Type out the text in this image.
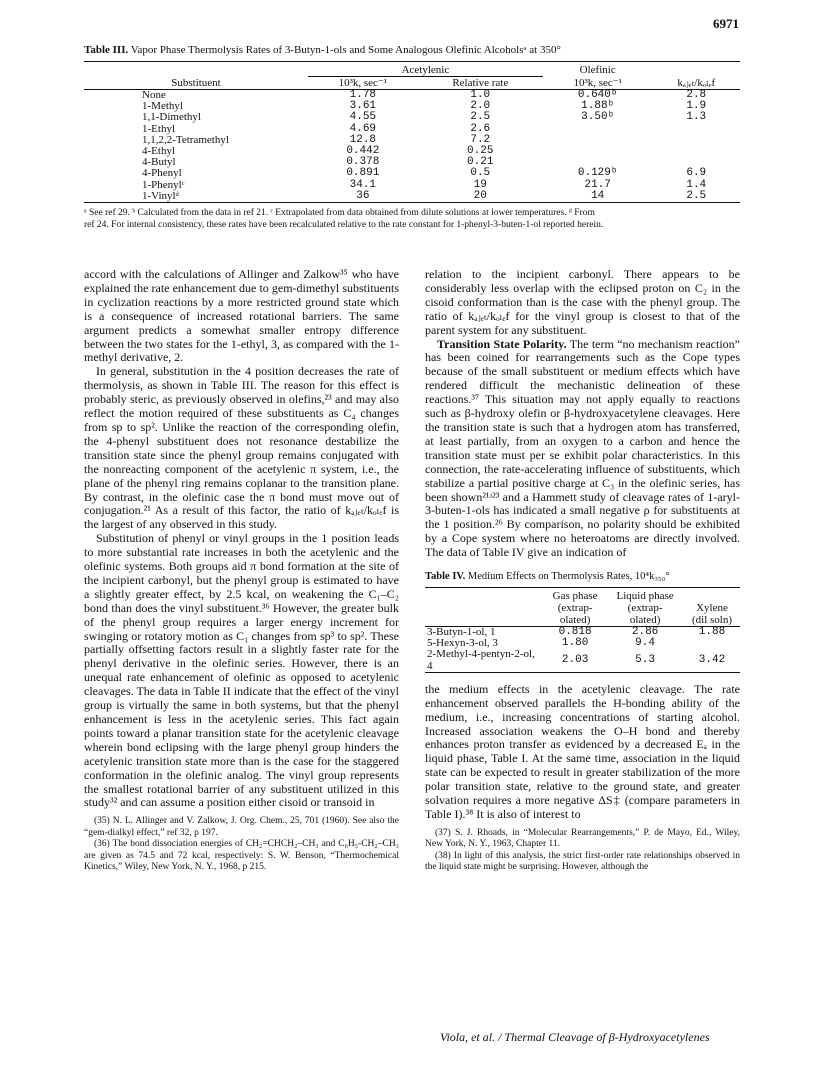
6971
Table III. Vapor Phase Thermolysis Rates of 3-Butyn-1-ols and Some Analogous Olefinic Alcoholsᵃ at 350°
	Acetylenic		Olefinic	
Substituent	10³k, sec⁻¹	Relative rate	10³k, sec⁻¹	kₐⱼₑₜ/kₒₗₑf
None	1.78	1.0	0.640ᵇ	2.8
1-Methyl	3.61	2.0	1.88ᵇ	1.9
1,1-Dimethyl	4.55	2.5	3.50ᵇ	1.3
1-Ethyl	4.69	2.6		
1,1,2,2-Tetramethyl	12.8	7.2		
4-Ethyl	0.442	0.25		
4-Butyl	0.378	0.21		
4-Phenyl	0.891	0.5	0.129ᵇ	6.9
1-Phenylᶜ	34.1	19	21.7	1.4
1-Vinylᵈ	36	20	14	2.5
ᵃ See ref 29. ᵇ Calculated from the data in ref 21. ᶜ Extrapolated from data obtained from dilute solutions at lower temperatures. ᵈ From
ref 24. For internal consistency, these rates have been recalculated relative to the rate constant for 1-phenyl-3-buten-1-ol reported herein.

accord with the calculations of Allinger and Zalkow³⁵ who have explained the rate enhancement due to gem-dimethyl substituents in cyclization reactions by a more restricted ground state which is a consequence of increased rotational barriers. The same argument predicts a somewhat smaller entropy difference between the two states for the 1-ethyl, 3, as compared with the 1-methyl derivative, 2.

In general, substitution in the 4 position decreases the rate of thermolysis, as shown in Table III. The reason for this effect is probably steric, as previously observed in olefins,²³ and may also reflect the motion required of these substituents as C₄ changes from sp to sp². Unlike the reaction of the corresponding olefin, the 4-phenyl substituent does not resonance destabilize the transition state since the phenyl group remains conjugated with the nonreacting component of the acetylenic π system, i.e., the plane of the phenyl ring remains coplanar to the transition plane. By contrast, in the olefinic case the π bond must move out of conjugation.²¹ As a result of this factor, the ratio of kₐⱼₑₜ/kₒₗₑf is the largest of any observed in this study.

Substitution of phenyl or vinyl groups in the 1 position leads to more substantial rate increases in both the acetylenic and the olefinic systems. Both groups aid π bond formation at the site of the incipient carbonyl, but the phenyl group is estimated to have a slightly greater effect, by 2.5 kcal, on weakening the C₁–C₂ bond than does the vinyl substituent.³⁶ However, the greater bulk of the phenyl group requires a larger energy increment for swinging or rotatory motion as C₁ changes from sp³ to sp². These partially offsetting factors result in a slightly faster rate for the phenyl derivative in the olefinic series. However, there is an unequal rate enhancement of olefinic as opposed to acetylenic cleavages. The data in Table II indicate that the effect of the vinyl group is virtually the same in both systems, but that the phenyl enhancement is less in the acetylenic series. This fact again points toward a planar transition state for the acetylenic cleavage wherein bond eclipsing with the large phenyl group hinders the acetylenic transition state more than is the case for the staggered conformation in the olefinic analog. The vinyl group represents the smallest rotational barrier of any substituent utilized in this study³² and can assume a position either cisoid or transoid in

(35) N. L. Allinger and V. Zalkow, J. Org. Chem., 25, 701 (1960). See also the “gem-dialkyl effect,” ref 32, p 197.

(36) The bond dissociation energies of CH₂=CHCH₂–CH₃ and C₆H₅-CH₂–CH₃ are given as 74.5 and 72 kcal, respectively: S. W. Benson, “Thermochemical Kinetics,” Wiley, New York, N. Y., 1968, p 215.

relation to the incipient carbonyl. There appears to be considerably less overlap with the eclipsed proton on C₂ in the cisoid conformation than is the case with the phenyl group. The ratio of kₐⱼₑₜ/kₒₗₑf for the vinyl group is closest to that of the parent system for any substituent.

Transition State Polarity. The term “no mechanism reaction” has been coined for rearrangements such as the Cope types because of the small substituent or medium effects which have rendered difficult the mechanistic delineation of these reactions.³⁷ This situation may not apply equally to reactions such as β-hydroxy olefin or β-hydroxyacetylene cleavages. Here the transition state is such that a hydrogen atom has transferred, at least partially, from an oxygen to a carbon and hence the transition state must per se exhibit polar characteristics. In this connection, the rate-accelerating influence of substituents, which stabilize a partial positive charge at C₃ in the olefinic series, has been shown²¹ʴ²³ and a Hammett study of cleavage rates of 1-aryl-3-buten-1-ols has indicated a small negative ρ for substituents at the 1 position.²⁶ By comparison, no polarity should be exhibited by a Cope system where no heteroatoms are directly involved. The data of Table IV give an indication of

Table IV. Medium Effects on Thermolysis Rates, 10⁴k₃₅₀°
	Gas phase	Liquid phase	
	(extrap-	(extrap-	Xylene
	olated)	olated)	(dil soln)
3-Butyn-1-ol, 1	0.818	2.86	1.88
5-Hexyn-3-ol, 3	1.80	9.4	
2-Methyl-4-pentyn-2-ol, 4	2.03	5.3	3.42

the medium effects in the acetylenic cleavage. The rate enhancement observed parallels the H-bonding ability of the medium, i.e., increasing concentrations of starting alcohol. Increased association weakens the O–H bond and thereby enhances proton transfer as evidenced by a decreased Eₐ in the liquid phase, Table I. At the same time, association in the liquid state can be expected to result in greater stabilization of the more polar transition state, relative to the ground state, and greater solvation requires a more negative ΔS‡ (compare parameters in Table I).³⁸ It is also of interest to

(37) S. J. Rhoads, in “Molecular Rearrangements,” P. de Mayo, Ed., Wiley, New York, N. Y., 1963, Chapter 11.

(38) In light of this analysis, the strict first-order rate relationships observed in the liquid state might be surprising. However, although the

Viola, et al. / Thermal Cleavage of β-Hydroxyacetylenes
